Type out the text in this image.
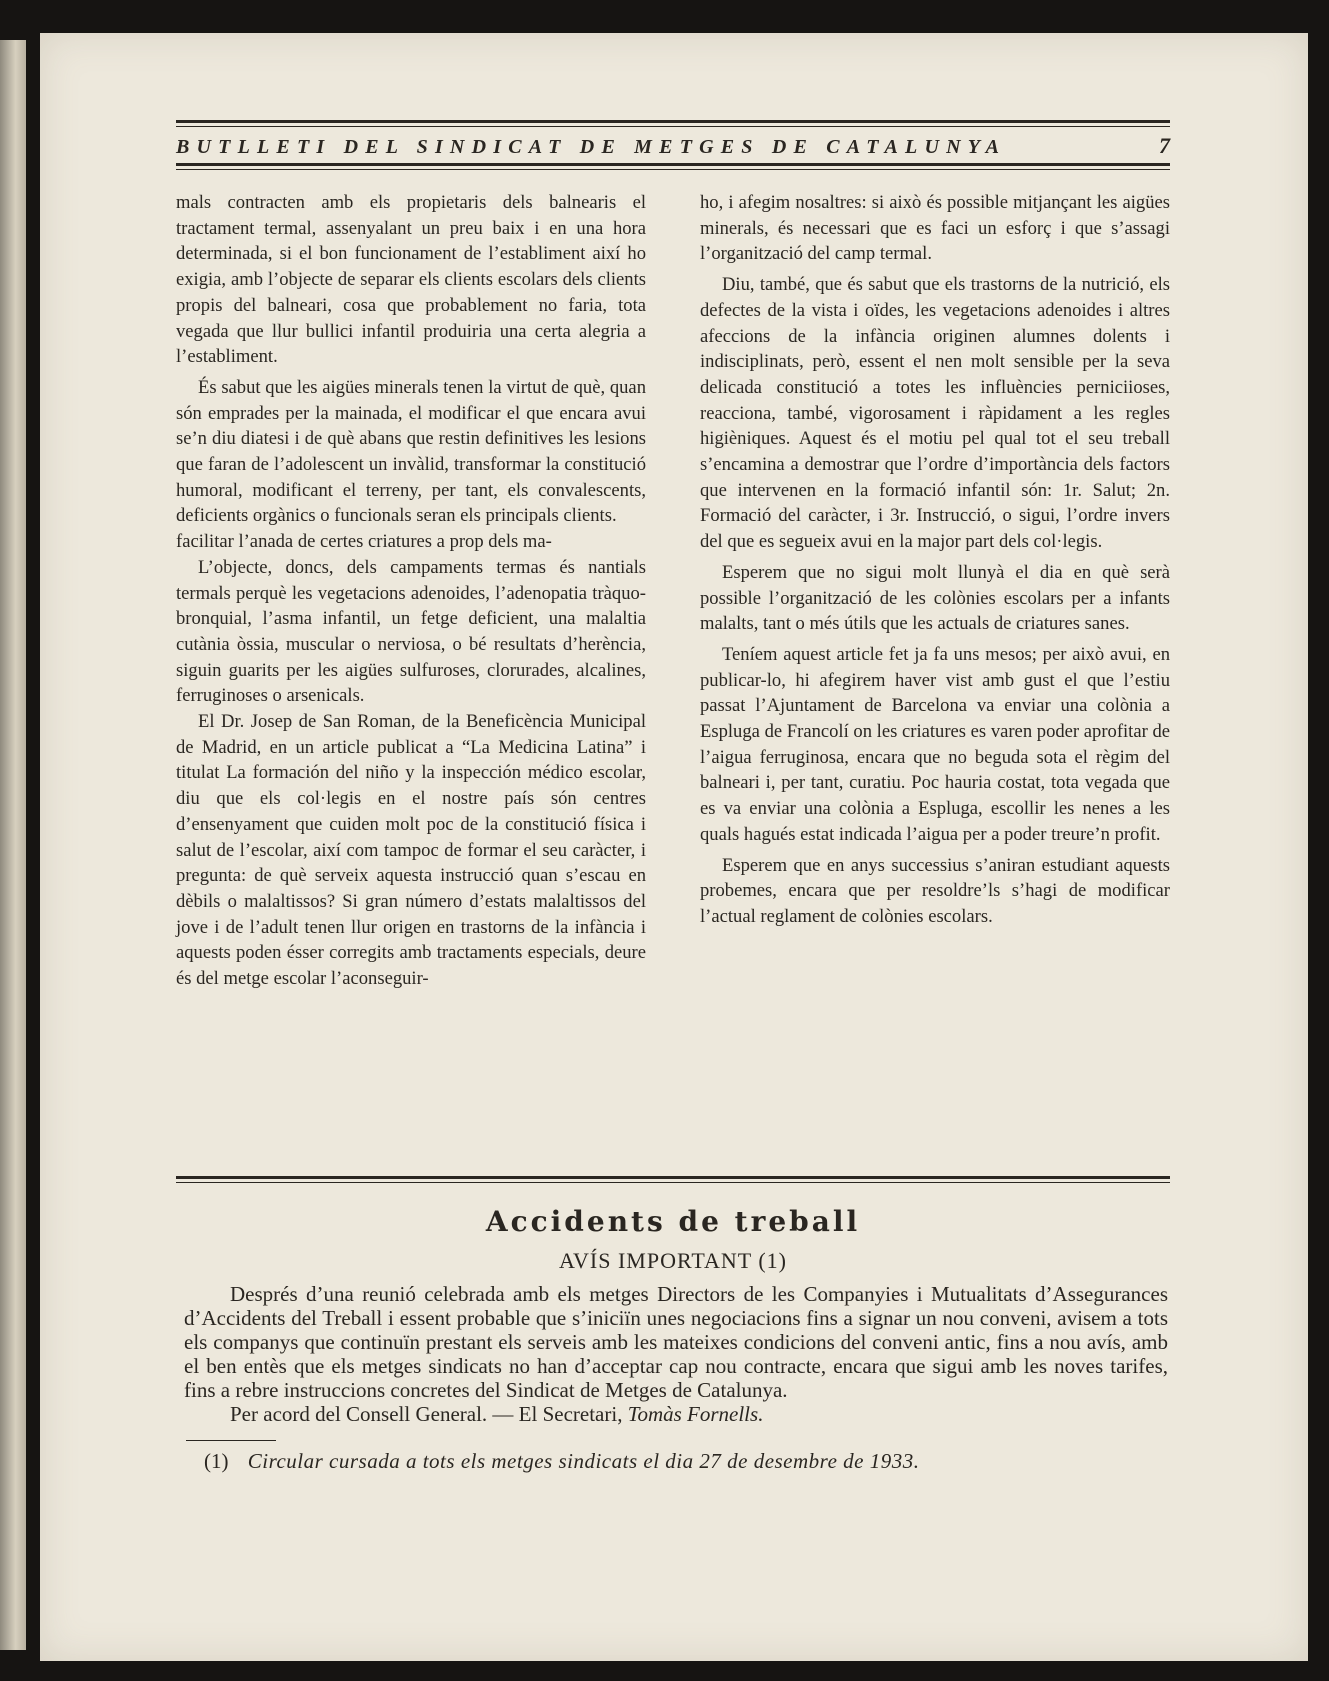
BUTLLETI DEL SINDICAT DE METGES DE CATALUNYA	7

mals contracten amb els propietaris dels balnearis el tractament termal, assenyalant un preu baix i en una hora determinada, si el bon funcionament de l’establiment així ho exigia, amb l’objecte de separar els clients escolars dels clients propis del balneari, cosa que probablement no faria, tota vegada que llur bullici infantil produiria una certa alegria a l’establiment.

És sabut que les aigües minerals tenen la virtut de què, quan són emprades per la mainada, el modificar el que encara avui se’n diu diatesi i de què abans que restin definitives les lesions que faran de l’adolescent un invàlid, transformar la constitució humoral, modificant el terreny, per tant, els convalescents, deficients orgànics o funcionals seran els principals clients.

facilitar l’anada de certes criatures a prop dels ma-

L’objecte, doncs, dels campaments termas és nantials termals perquè les vegetacions adenoides, l’adenopatia tràquo-bronquial, l’asma infantil, un fetge deficient, una malaltia cutània òssia, muscular o nerviosa, o bé resultats d’herència, siguin guarits per les aigües sulfuroses, clorurades, alcalines, ferruginoses o arsenicals.

El Dr. Josep de San Roman, de la Beneficència Municipal de Madrid, en un article publicat a “La Medicina Latina” i titulat La formación del niño y la inspección médico escolar, diu que els col·legis en el nostre país són centres d’ensenyament que cuiden molt poc de la constitució física i salut de l’escolar, així com tampoc de formar el seu caràcter, i pregunta: de què serveix aquesta instrucció quan s’escau en dèbils o malaltissos? Si gran número d’estats malaltissos del jove i de l’adult tenen llur origen en trastorns de la infància i aquests poden ésser corregits amb tractaments especials, deure és del metge escolar l’aconseguir-

ho, i afegim nosaltres: si això és possible mitjançant les aigües minerals, és necessari que es faci un esforç i que s’assagi l’organització del camp termal.

Diu, també, que és sabut que els trastorns de la nutrició, els defectes de la vista i oïdes, les vegetacions adenoides i altres afeccions de la infància originen alumnes dolents i indisciplinats, però, essent el nen molt sensible per la seva delicada constitució a totes les influències perniciioses, reacciona, també, vigorosament i ràpidament a les regles higièniques. Aquest és el motiu pel qual tot el seu treball s’encamina a demostrar que l’ordre d’importància dels factors que intervenen en la formació infantil són: 1r. Salut; 2n. Formació del caràcter, i 3r. Instrucció, o sigui, l’ordre invers del que es segueix avui en la major part dels col·legis.

Esperem que no sigui molt llunyà el dia en què serà possible l’organització de les colònies escolars per a infants malalts, tant o més útils que les actuals de criatures sanes.

Teníem aquest article fet ja fa uns mesos; per això avui, en publicar-lo, hi afegirem haver vist amb gust el que l’estiu passat l’Ajuntament de Barcelona va enviar una colònia a Espluga de Francolí on les criatures es varen poder aprofitar de l’aigua ferruginosa, encara que no beguda sota el règim del balneari i, per tant, curatiu. Poc hauria costat, tota vegada que es va enviar una colònia a Espluga, escollir les nenes a les quals hagués estat indicada l’aigua per a poder treure’n profit.

Esperem que en anys successius s’aniran estudiant aquests probemes, encara que per resoldre’ls s’hagi de modificar l’actual reglament de colònies escolars.

Accidents de treball
AVÍS IMPORTANT (1)

Després d’una reunió celebrada amb els metges Directors de les Companyies i Mutualitats d’Assegurances d’Accidents del Treball i essent probable que s’iniciïn unes negociacions fins a signar un nou conveni, avisem a tots els companys que continuïn prestant els serveis amb les mateixes condicions del conveni antic, fins a nou avís, amb el ben entès que els metges sindicats no han d’acceptar cap nou contracte, encara que sigui amb les noves tarifes, fins a rebre instruccions concretes del Sindicat de Metges de Catalunya.

Per acord del Consell General. — El Secretari, Tomàs Fornells.
(1) Circular cursada a tots els metges sindicats el dia 27 de desembre de 1933.
